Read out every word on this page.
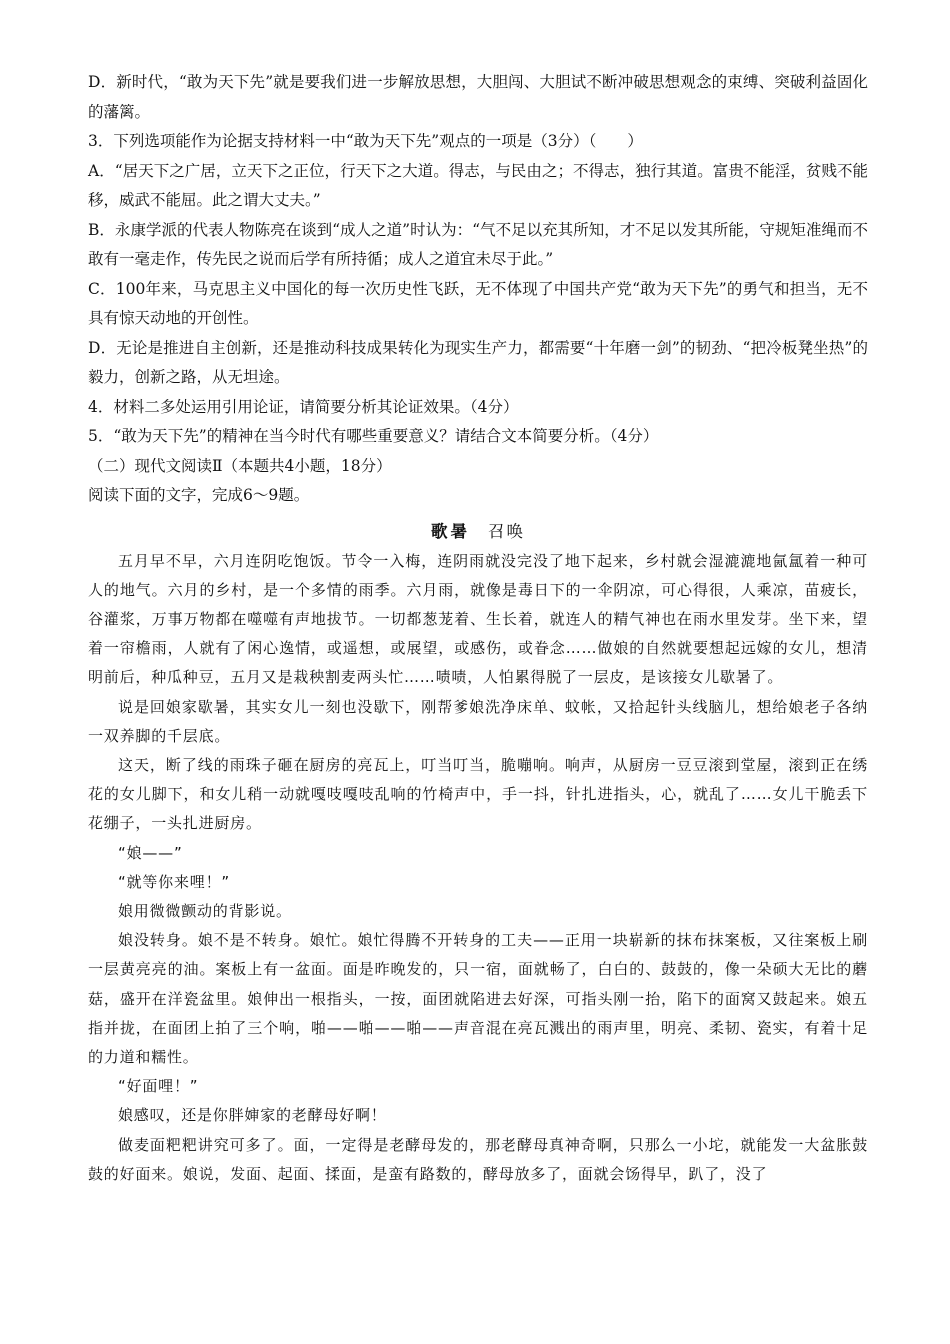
D．新时代，“敢为天下先”就是要我们进一步解放思想，大胆闯、大胆试不断冲破思想观念的束缚、突破利益固化的藩篱。

3．下列选项能作为论据支持材料一中“敢为天下先”观点的一项是（3分）（　　）

A．“居天下之广居，立天下之正位，行天下之大道。得志，与民由之；不得志，独行其道。富贵不能淫，贫贱不能移，威武不能屈。此之谓大丈夫。”

B．永康学派的代表人物陈亮在谈到“成人之道”时认为：“气不足以充其所知，才不足以发其所能，守规矩准绳而不敢有一毫走作，传先民之说而后学有所持循；成人之道宜未尽于此。”

C．100年来，马克思主义中国化的每一次历史性飞跃，无不体现了中国共产党“敢为天下先”的勇气和担当，无不具有惊天动地的开创性。

D．无论是推进自主创新，还是推动科技成果转化为现实生产力，都需要“十年磨一剑”的韧劲、“把冷板凳坐热”的毅力，创新之路，从无坦途。

4．材料二多处运用引用论证，请简要分析其论证效果。（4分）

5．“敢为天下先”的精神在当今时代有哪些重要意义？请结合文本简要分析。（4分）

（二）现代文阅读Ⅱ（本题共4小题，18分）

阅读下面的文字，完成6～9题。

歌暑 召唤

五月早不早，六月连阴吃饱饭。节令一入梅，连阴雨就没完没了地下起来，乡村就会湿漉漉地氤氲着一种可人的地气。六月的乡村，是一个多情的雨季。六月雨，就像是毒日下的一伞阴凉，可心得很，人乘凉，苗疲长，谷灌浆，万事万物都在噬噬有声地拔节。一切都葱茏着、生长着，就连人的精气神也在雨水里发芽。坐下来，望着一帘檐雨，人就有了闲心逸情，或遥想，或展望，或感伤，或眷念……做娘的自然就要想起远嫁的女儿，想清明前后，种瓜种豆，五月又是栽秧割麦两头忙……啧啧，人怕累得脱了一层皮，是该接女儿歇暑了。

说是回娘家歇暑，其实女儿一刻也没歇下，刚帮爹娘洗净床单、蚊帐，又拾起针头线脑儿，想给娘老子各纳一双养脚的千层底。

这天，断了线的雨珠子砸在厨房的亮瓦上，叮当叮当，脆嘣响。响声，从厨房一豆豆滚到堂屋，滚到正在绣花的女儿脚下，和女儿稍一动就嘎吱嘎吱乱响的竹椅声中，手一抖，针扎进指头，心，就乱了……女儿干脆丢下花绷子，一头扎进厨房。

“娘——”

“就等你来哩！”

娘用微微颤动的背影说。

娘没转身。娘不是不转身。娘忙。娘忙得腾不开转身的工夫——正用一块崭新的抹布抹案板，又往案板上刷一层黄亮亮的油。案板上有一盆面。面是昨晚发的，只一宿，面就畅了，白白的、鼓鼓的，像一朵硕大无比的蘑菇，盛开在洋瓷盆里。娘伸出一根指头，一按，面团就陷进去好深，可指头刚一抬，陷下的面窝又鼓起来。娘五指并拢，在面团上拍了三个响，啪——啪——啪——声音混在亮瓦溅出的雨声里，明亮、柔韧、瓷实，有着十足的力道和糯性。

“好面哩！”

娘感叹，还是你胖婶家的老酵母好啊！

做麦面粑粑讲究可多了。面，一定得是老酵母发的，那老酵母真神奇啊，只那么一小坨，就能发一大盆胀鼓鼓的好面来。娘说，发面、起面、揉面，是蛮有路数的，酵母放多了，面就会饧得早，趴了，没了
